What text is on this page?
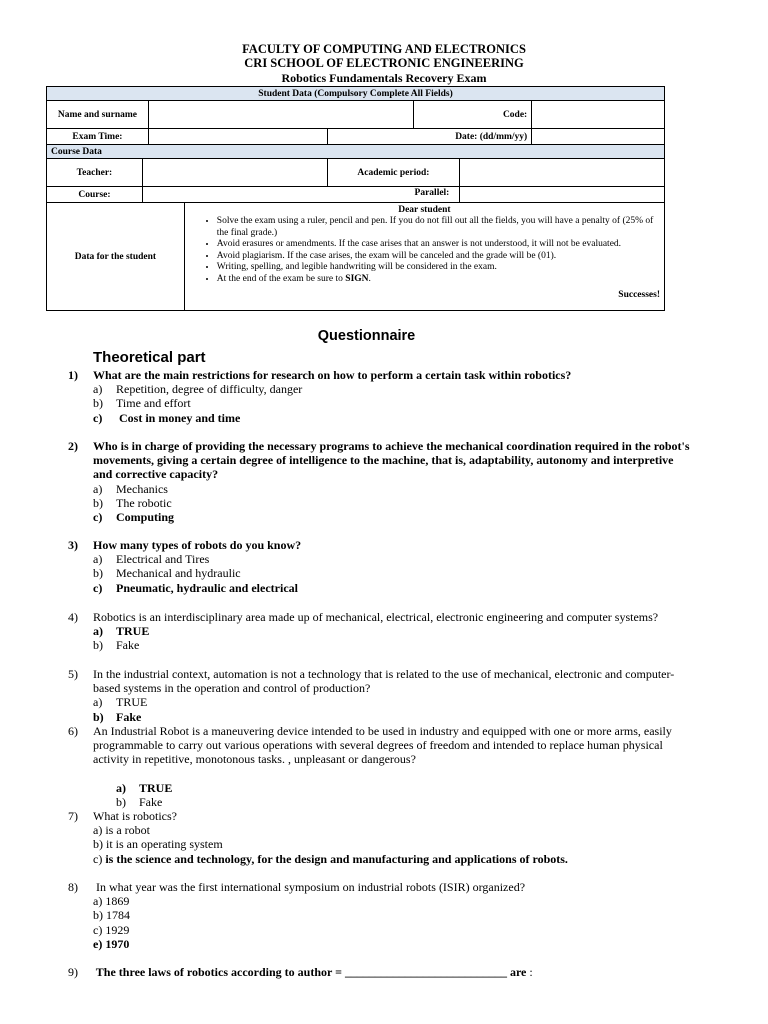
FACULTY OF COMPUTING AND ELECTRONICS
CRI SCHOOL OF ELECTRONIC ENGINEERING
Robotics Fundamentals Recovery Exam
Student Data (Compulsory Complete All Fields)				
Name and surname			Code:	
Exam Time:		Date: (dd/mm/yy)		
Course Data			
Teacher:		Academic period:	
Course:	Parallel:		

Data for the student	
Dear student
• Solve the exam using a ruler, pencil and pen. If you do not fill out all the fields, you will have a penalty of (25% of the final grade.)
• Avoid erasures or amendments. If the case arises that an answer is not understood, it will not be evaluated.
• Avoid plagiarism. If the case arises, the exam will be canceled and the grade will be (01).
• Writing, spelling, and legible handwriting will be considered in the exam.
• At the end of the exam be sure to SIGN.
Successes!
Questionnaire
Theoretical part
1) What are the main restrictions for research on how to perform a certain task within robotics?
a) Repetition, degree of difficulty, danger
b) Time and effort
c) Cost in money and time
2) Who is in charge of providing the necessary programs to achieve the mechanical coordination required in the robot's movements, giving a certain degree of intelligence to the machine, that is, adaptability, autonomy and interpretive and corrective capacity?
a) Mechanics
b) The robotic
c) Computing
3) How many types of robots do you know?
a) Electrical and Tires
b) Mechanical and hydraulic
c) Pneumatic, hydraulic and electrical
4) Robotics is an interdisciplinary area made up of mechanical, electrical, electronic engineering and computer systems?
a) TRUE
b) Fake
5) In the industrial context, automation is not a technology that is related to the use of mechanical, electronic and computer-based systems in the operation and control of production?
a) TRUE
b) Fake
6) An Industrial Robot is a maneuvering device intended to be used in industry and equipped with one or more arms, easily programmable to carry out various operations with several degrees of freedom and intended to replace human physical activity in repetitive, monotonous tasks. , unpleasant or dangerous?
a) TRUE
b) Fake
7) What is robotics?
a) is a robot
b) it is an operating system
c) is the science and technology, for the design and manufacturing and applications of robots.
8) In what year was the first international symposium on industrial robots (ISIR) organized?
a) 1869
b) 1784
c) 1929
e) 1970
9) The three laws of robotics according to author = ___________________________ are :
